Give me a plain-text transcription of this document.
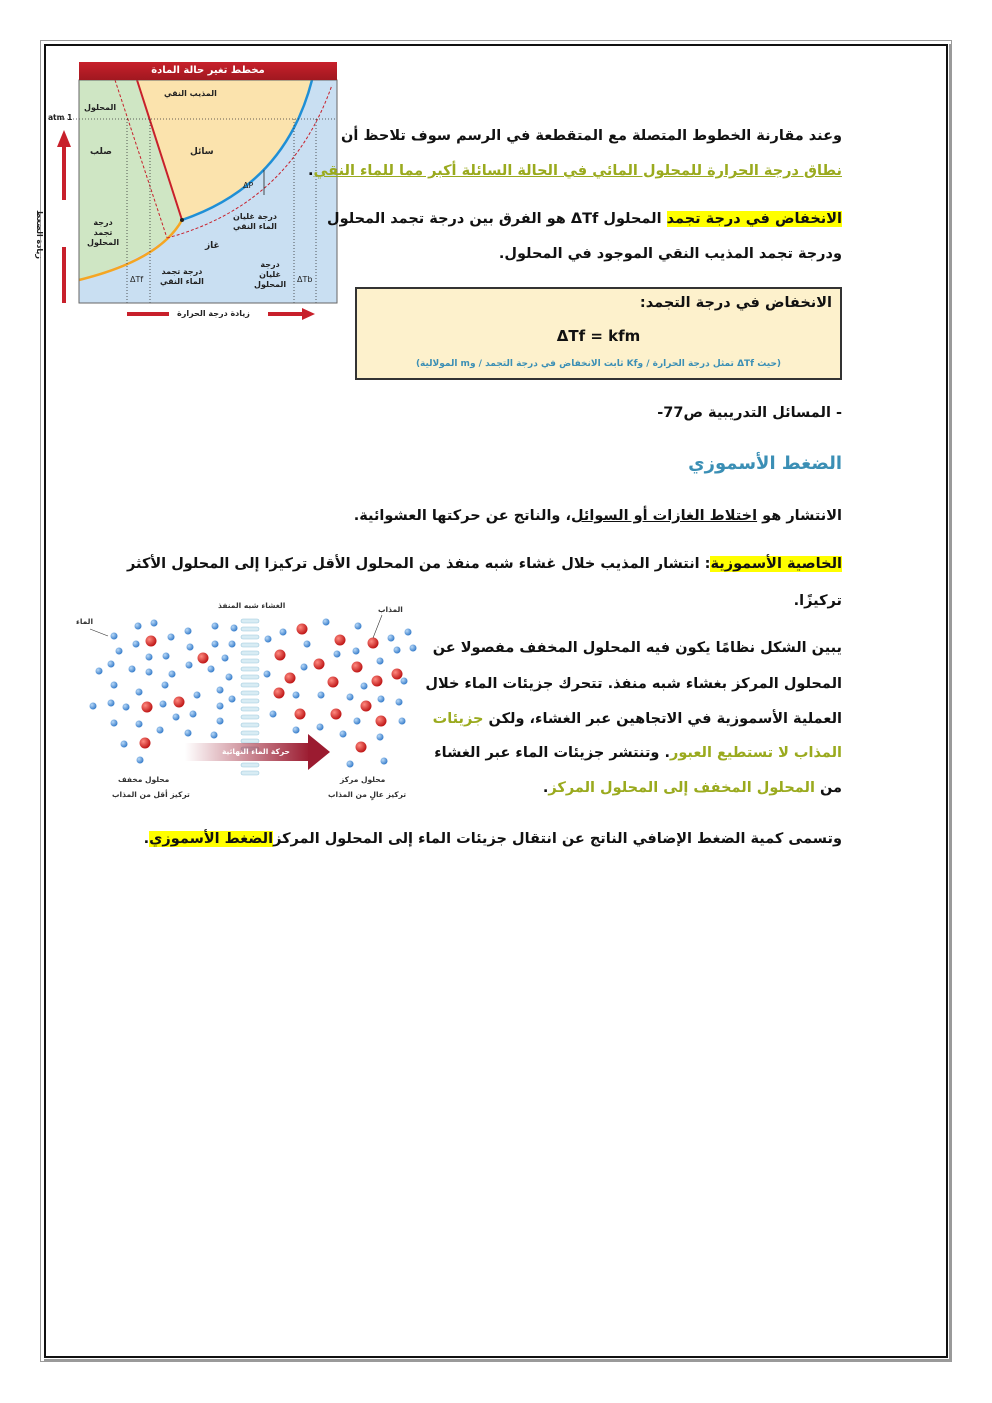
مخطط تغير حالة المادة
1 atm
المحلول
المذيب النقي
صلب	سائل
غاز
ΔP
درجة
تجمد
المحلول
درجة تجمد
الماء النقي
درجة غليان
الماء النقي
درجة
غليان
المحلول
ΔTf	ΔTb
زيادة الضغط
زيادة درجة الحرارة
وعند مقارنة الخطوط المتصلة مع المتقطعة في الرسم سوف تلاحظ أن
نطاق درجة الحرارة للمحلول المائي في الحالة السائلة أكبر مما للماء النقي.
الانخفاض في درجة تجمد المحلول ΔTf هو الفرق بين درجة تجمد المحلول
ودرجة تجمد المذيب النقي الموجود في المحلول.
الانخفاض في درجة التجمد:
ΔTf = kfm
(حيث ΔTf تمثل درجة الحرارة / وKf ثابت الانخفاض في درجة التجمد / وm المولالية)
- المسائل التدريبية ص77-
الضغط الأسموزي
الانتشار هو اختلاط الغازات أو السوائل، والناتج عن حركتها العشوائية.
الخاصية الأسموزية: انتشار المذيب خلال غشاء شبه منفذ من المحلول الأقل تركيزا إلى المحلول الأكثر
تركيزًا.
الغشاء شبه المنفذ
الماء
المذاب
حركة الماء النهائية
محلول مخفف
تركيز أقل من المذاب
محلول مركز
تركيز عالٍ من المذاب
يبين الشكل نظامًا يكون فيه المحلول المخفف مفصولا عن
المحلول المركز بغشاء شبه منفذ. تتحرك جزيئات الماء خلال
العملية الأسموزية في الاتجاهين عبر الغشاء، ولكن جزيئات
المذاب لا تستطيع العبور. وتنتشر جزيئات الماء عبر الغشاء
من المحلول المخفف إلى المحلول المركز.
وتسمى كمية الضغط الإضافي الناتج عن انتقال جزيئات الماء إلى المحلول المركزالضغط الأسموزي.
